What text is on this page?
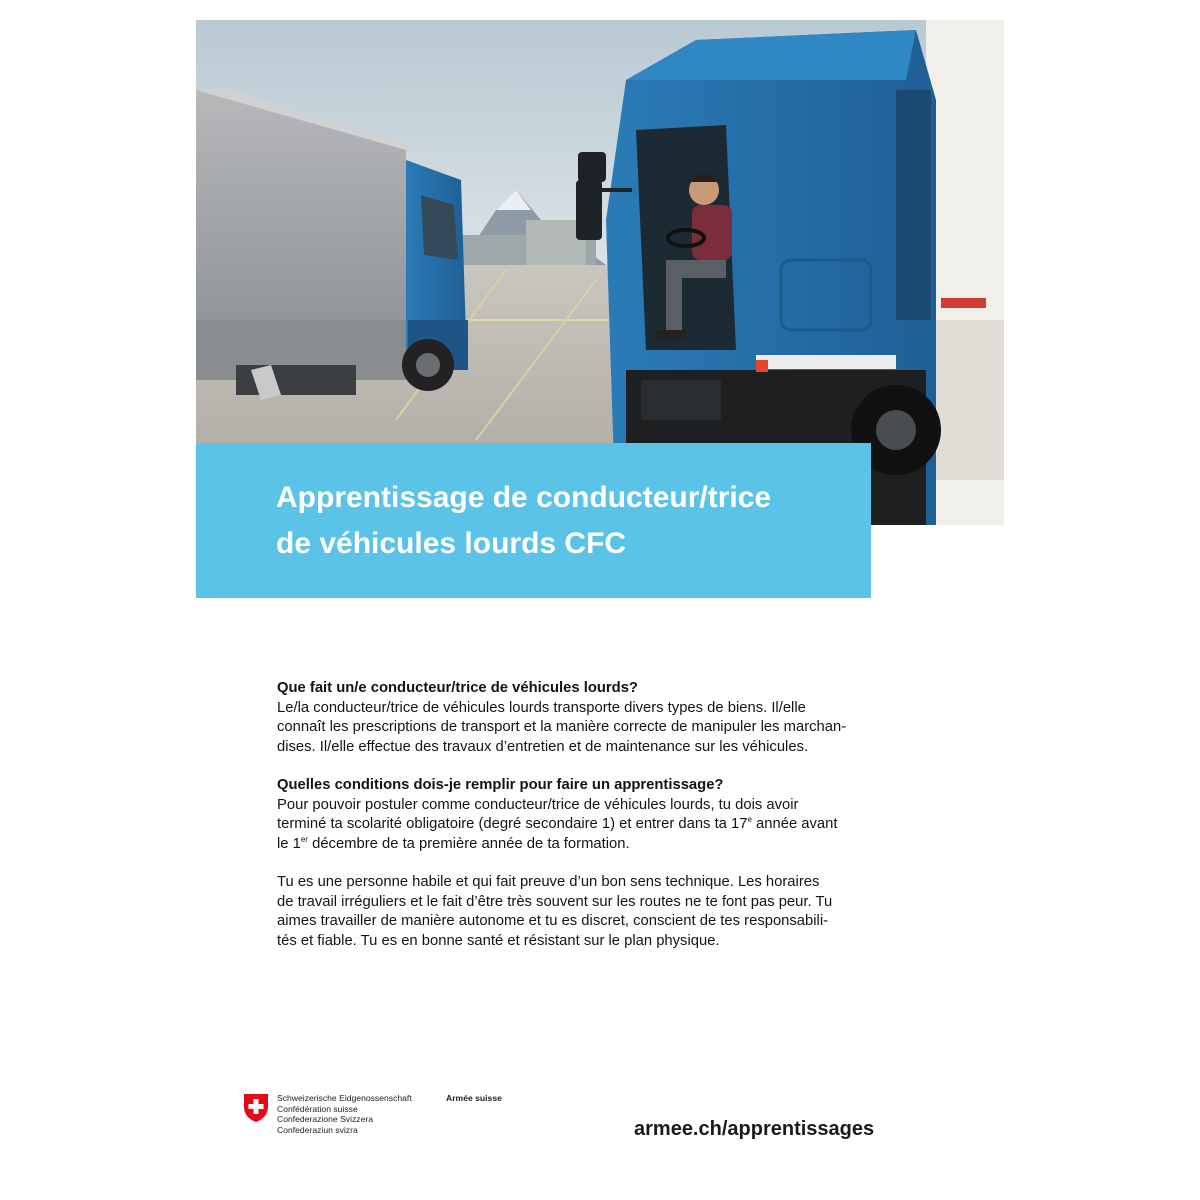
Apprentissage de conducteur/trice
de véhicules lourds CFC
Que fait un/e conducteur/trice de véhicules lourds?

Le/la conducteur/trice de véhicules lourds transporte divers types de biens. Il/elle
connaît les prescriptions de transport et la manière correcte de manipuler les marchan-
dises. Il/elle effectue des travaux d’entretien et de maintenance sur les véhicules.

Quelles conditions dois-je remplir pour faire un apprentissage?

Pour pouvoir postuler comme conducteur/trice de véhicules lourds, tu dois avoir
terminé ta scolarité obligatoire (degré secondaire 1) et entrer dans ta 17e année avant
le 1er décembre de ta première année de ta formation.

Tu es une personne habile et qui fait preuve d’un bon sens technique. Les horaires
de travail irréguliers et le fait d’être très souvent sur les routes ne te font pas peur. Tu
aimes travailler de manière autonome et tu es discret, conscient de tes responsabili-
tés et fiable. Tu es en bonne santé et résistant sur le plan physique.

Schweizerische Eidgenossenschaft
Confédération suisse
Confederazione Svizzera
Confederaziun svizra
Armée suisse
armee.ch/apprentissages
